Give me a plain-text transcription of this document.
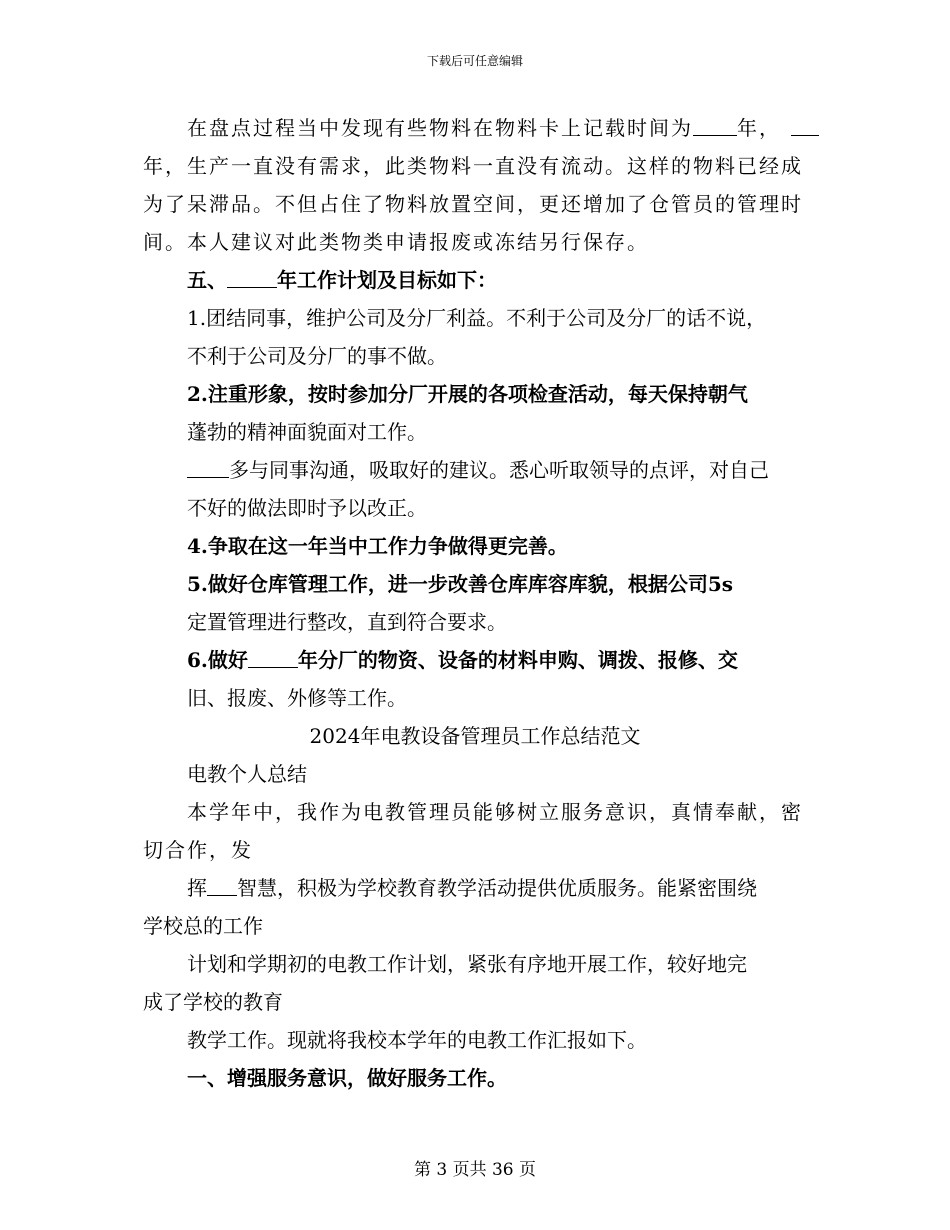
下载后可任意编辑
在盘点过程当中发现有些物料在物料卡上记载时间为 年，
年，生产一直没有需求，此类物料一直没有流动。这样的物料已经成
为了呆滞品。不但占住了物料放置空间，更还增加了仓管员的管理时
间。本人建议对此类物类申请报废或冻结另行保存。
五、	年工作计划及目标如下：
1.团结同事，维护公司及分厂利益。不利于公司及分厂的话不说，
不利于公司及分厂的事不做。
2.注重形象，按时参加分厂开展的各项检查活动，每天保持朝气
蓬勃的精神面貌面对工作。
多与同事沟通，吸取好的建议。悉心听取领导的点评，对自己
不好的做法即时予以改正。
4.争取在这一年当中工作力争做得更完善。
5.做好仓库管理工作，进一步改善仓库库容库貌，根据公司5s
定置管理进行整改，直到符合要求。
6.做好	年分厂的物资、设备的材料申购、调拨、报修、交
旧、报废、外修等工作。
2024年电教设备管理员工作总结范文
电教个人总结
本学年中，我作为电教管理员能够树立服务意识，真情奉献，密
切合作，发
挥 智慧，积极为学校教育教学活动提供优质服务。能紧密围绕
学校总的工作
计划和学期初的电教工作计划，紧张有序地开展工作，较好地完
成了学校的教育
教学工作。现就将我校本学年的电教工作汇报如下。
一、增强服务意识，做好服务工作。
第 3 页共 36 页
